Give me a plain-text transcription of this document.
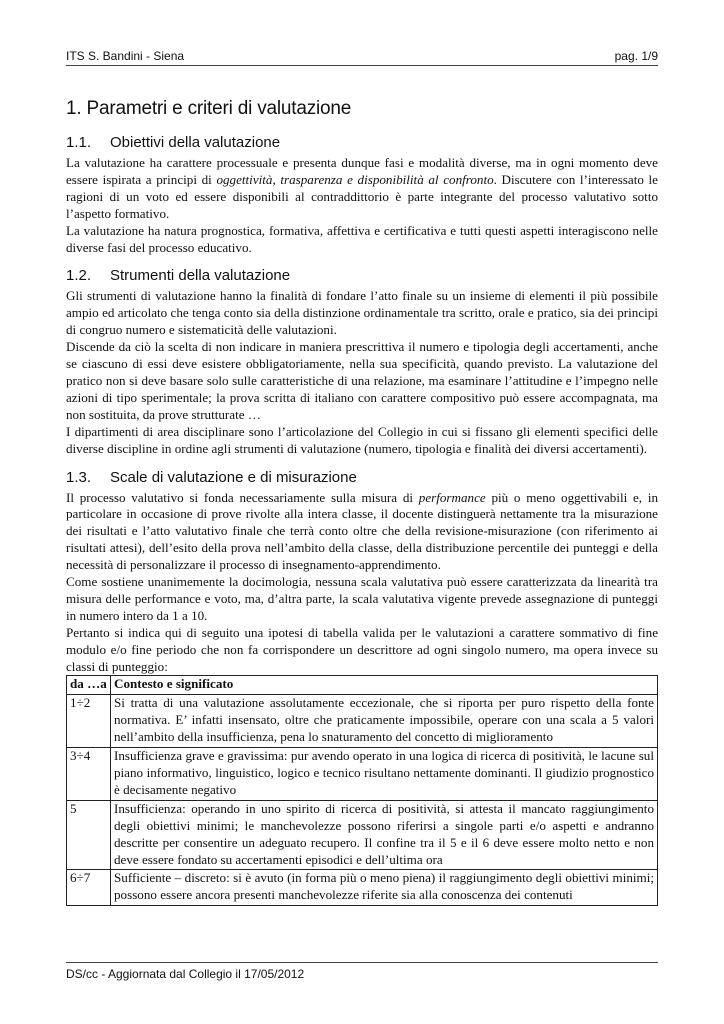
ITS S. Bandini - Siena	pag. 1/9
1. Parametri e criteri di valutazione
1.1.	Obiettivi della valutazione

La valutazione ha carattere processuale e presenta dunque fasi e modalità diverse, ma in ogni momento deve essere ispirata a principi di oggettività, trasparenza e disponibilità al confronto. Discutere con l’interessato le ragioni di un voto ed essere disponibili al contraddittorio è parte integrante del processo valutativo sotto l’aspetto formativo.

La valutazione ha natura prognostica, formativa, affettiva e certificativa e tutti questi aspetti interagiscono nelle diverse fasi del processo educativo.

1.2.	Strumenti della valutazione

Gli strumenti di valutazione hanno la finalità di fondare l’atto finale su un insieme di elementi il più possibile ampio ed articolato che tenga conto sia della distinzione ordinamentale tra scritto, orale e pratico, sia dei principi di congruo numero e sistematicità delle valutazioni.

Discende da ciò la scelta di non indicare in maniera prescrittiva il numero e tipologia degli accertamenti, anche se ciascuno di essi deve esistere obbligatoriamente, nella sua specificità, quando previsto. La valutazione del pratico non si deve basare solo sulle caratteristiche di una relazione, ma esaminare l’attitudine e l’impegno nelle azioni di tipo sperimentale; la prova scritta di italiano con carattere compositivo può essere accompagnata, ma non sostituita, da prove strutturate …

I dipartimenti di area disciplinare sono l’articolazione del Collegio in cui si fissano gli elementi specifici delle diverse discipline in ordine agli strumenti di valutazione (numero, tipologia e finalità dei diversi accertamenti).

1.3.	Scale di valutazione e di misurazione

Il processo valutativo si fonda necessariamente sulla misura di performance più o meno oggettivabili e, in particolare in occasione di prove rivolte alla intera classe, il docente distinguerà nettamente tra la misurazione dei risultati e l’atto valutativo finale che terrà conto oltre che della revisione-misurazione (con riferimento ai risultati attesi), dell’esito della prova nell’ambito della classe, della distribuzione percentile dei punteggi e della necessità di personalizzare il processo di insegnamento-apprendimento.

Come sostiene unanimemente la docimologia, nessuna scala valutativa può essere caratterizzata da linearità tra misura delle performance e voto, ma, d’altra parte, la scala valutativa vigente prevede assegnazione di punteggi in numero intero da 1 a 10.

Pertanto si indica qui di seguito una ipotesi di tabella valida per le valutazioni a carattere sommativo di fine modulo e/o fine periodo che non fa corrispondere un descrittore ad ogni singolo numero, ma opera invece su classi di punteggio:

da …a	Contesto e significato
1÷2	Si tratta di una valutazione assolutamente eccezionale, che si riporta per puro rispetto della fonte normativa. E’ infatti insensato, oltre che praticamente impossibile, operare con una scala a 5 valori nell’ambito della insufficienza, pena lo snaturamento del concetto di miglioramento
3÷4	Insufficienza grave e gravissima: pur avendo operato in una logica di ricerca di positività, le lacune sul piano informativo, linguistico, logico e tecnico risultano nettamente dominanti. Il giudizio prognostico è decisamente negativo
5	Insufficienza: operando in uno spirito di ricerca di positività, si attesta il mancato raggiungimento degli obiettivi minimi; le manchevolezze possono riferirsi a singole parti e/o aspetti e andranno descritte per consentire un adeguato recupero. Il confine tra il 5 e il 6 deve essere molto netto e non deve essere fondato su accertamenti episodici e dell’ultima ora
6÷7	Sufficiente – discreto: si è avuto (in forma più o meno piena) il raggiungimento degli obiettivi minimi; possono essere ancora presenti manchevolezze riferite sia alla conoscenza dei contenuti
DS/cc - Aggiornata dal Collegio il 17/05/2012
